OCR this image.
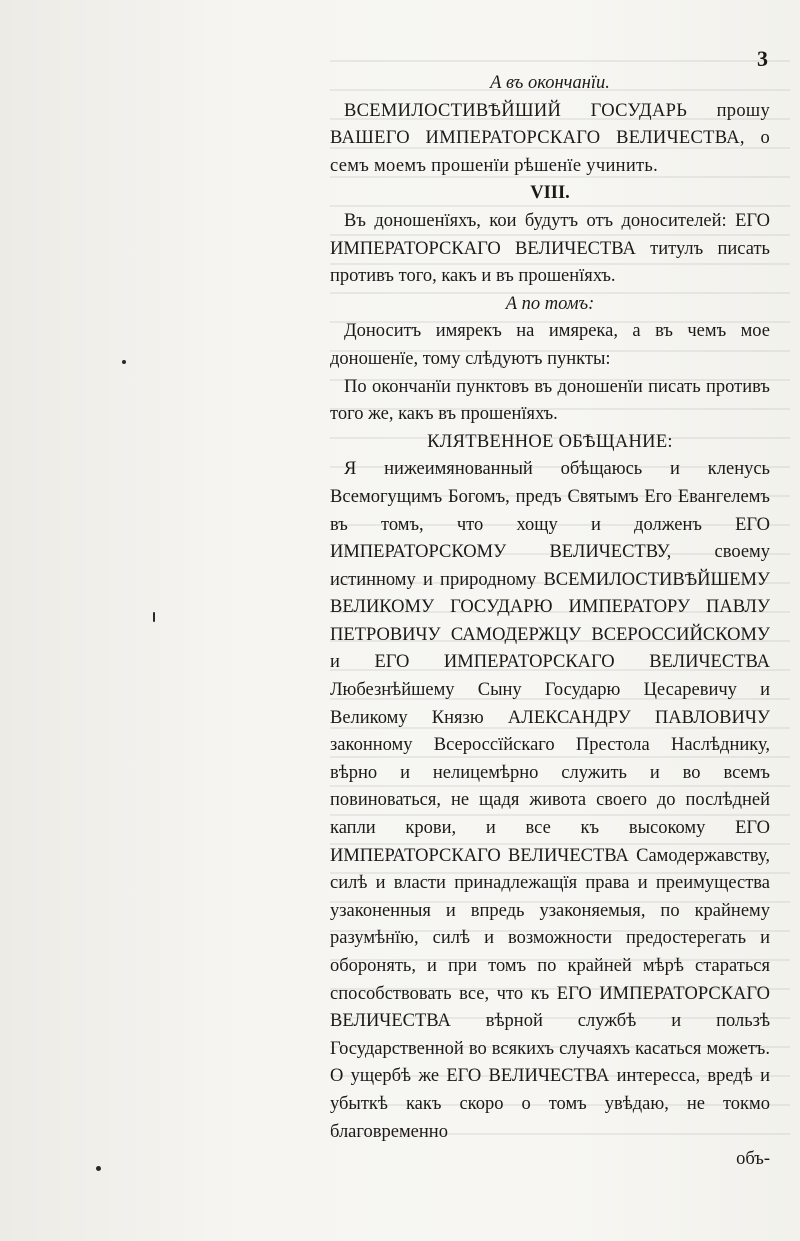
3

А въ окончанїи.

ВСЕМИЛОСТИВѢЙШИЙ ГОСУДАРЬ прошу ВАШЕГО ИМПЕРАТОРСКАГО ВЕЛИЧЕСТВА, о семъ моемъ прошенїи рѣшенїе учинить.

VIII.

Въ доношенїяхъ, кои будутъ отъ доносителей: ЕГО ИМПЕРАТОРСКАГО ВЕЛИЧЕСТВА титулъ писать противъ того, какъ и въ прошенїяхъ.

А по томъ:

Доноситъ имярекъ на имярека, а въ чемъ мое доношенїе, тому слѣдуютъ пункты:

По окончанїи пунктовъ въ доношенїи писать противъ того же, какъ въ прошенїяхъ.

КЛЯТВЕННОЕ ОБѢЩАНИЕ:

Я нижеимянованный обѣщаюсь и кленусь Всемогущимъ Богомъ, предъ Святымъ Его Евангелемъ въ томъ, что хощу и долженъ ЕГО ИМПЕРАТОРСКОМУ ВЕЛИЧЕСТВУ, своему истинному и природному ВСЕМИЛОСТИВѢЙШЕМУ ВЕЛИКОМУ ГОСУДАРЮ ИМПЕРАТОРУ ПАВЛУ ПЕТРОВИЧУ САМОДЕРЖЦУ ВСЕРОССИЙСКОМУ и ЕГО ИМПЕРАТОРСКАГО ВЕЛИЧЕСТВА Любезнѣйшему Сыну Государю Цесаревичу и Великому Князю АЛЕКСАНДРУ ПАВЛОВИЧУ законному Всероссїйскаго Престола Наслѣднику, вѣрно и нелицемѣрно служить и во всемъ повиноваться, не щадя живота своего до послѣдней капли крови, и все къ высокому ЕГО ИМПЕРАТОРСКАГО ВЕЛИЧЕСТВА Самодержавству, силѣ и власти принадлежащїя права и преимущества узаконенныя и впредь узаконяемыя, по крайнему разумѣнїю, силѣ и возможности предостерегать и оборонять, и при томъ по крайней мѣрѣ стаpаться способствовать все, что къ ЕГО ИМПЕРАТОРСКАГО ВЕЛИЧЕСТВА вѣрной службѣ и пользѣ Государственной во всякихъ случаяхъ касаться можетъ. О ущербѣ же ЕГО ВЕЛИЧЕСТВА интересса, вредѣ и убыткѣ какъ скоро о томъ увѣдаю, не токмо благовременно

объ-
